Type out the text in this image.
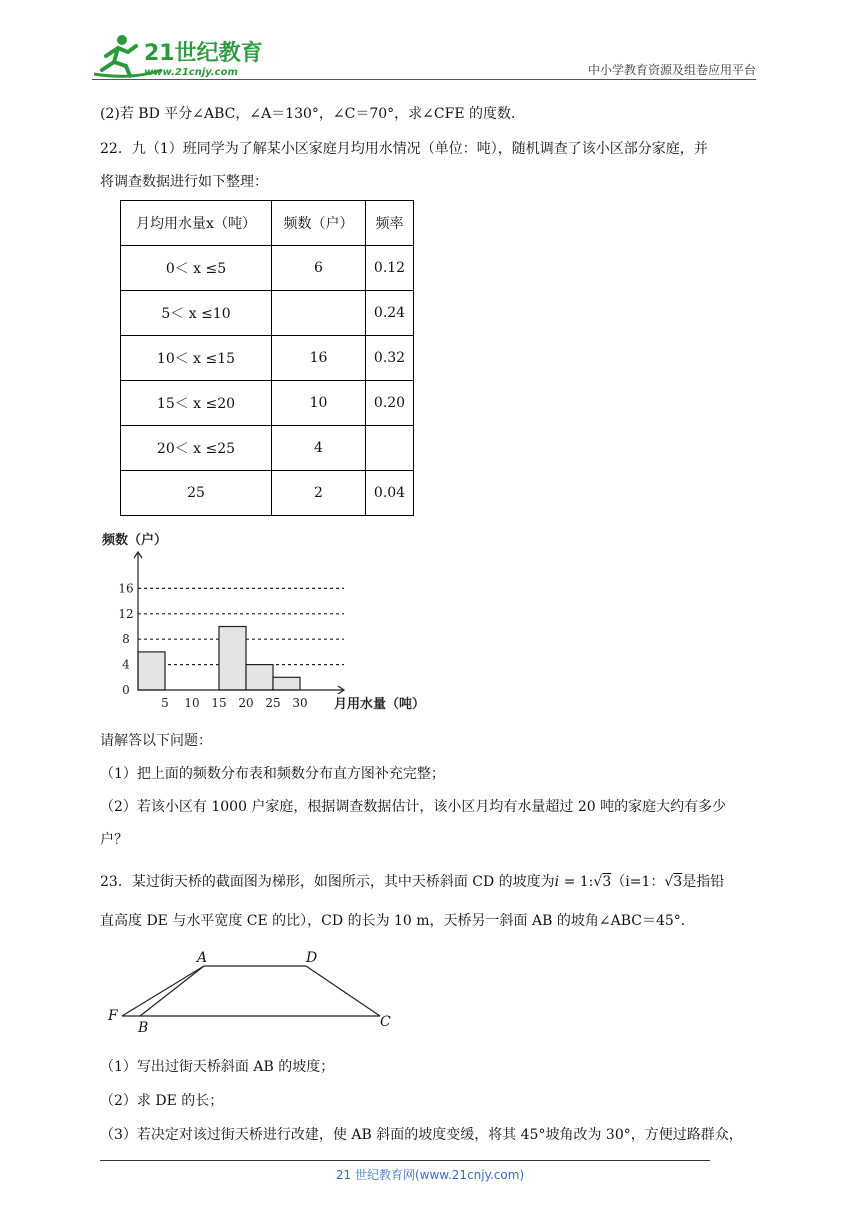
21世纪教育
www.21cnjy.com	中小学教育资源及组卷应用平台
(2)若 BD 平分∠ABC，∠A＝130°，∠C＝70°，求∠CFE 的度数．
22．九（1）班同学为了解某小区家庭月均用水情况（单位：吨），随机调查了该小区部分家庭，并
将调查数据进行如下整理：
月均用水量x（吨）	频数（户）	频率
0＜ x ≤5	6	0.12
5＜ x ≤10		0.24
10＜ x ≤15	16	0.32
15＜ x ≤20	10	0.20
20＜ x ≤25	4	
25	2	0.04
频数（户）
月用水量（吨）
5 10 15 20 25 30
0
4
8
12
16
请解答以下问题：
（1）把上面的频数分布表和频数分布直方图补充完整；
（2）若该小区有 1000 户家庭，根据调查数据估计，该小区月均有水量超过 20 吨的家庭大约有多少
户？
23．某过街天桥的截面图为梯形，如图所示，其中天桥斜面 CD 的坡度为i = 1:√3（i=1：√3是指铅
直高度 DE 与水平宽度 CE 的比），CD 的长为 10 m，天桥另一斜面 AB 的坡角∠ABC＝45°．
A	D
F
B	C
（1）写出过街天桥斜面 AB 的坡度；
（2）求 DE 的长；
（3）若决定对该过街天桥进行改建，使 AB 斜面的坡度变缓，将其 45°坡角改为 30°，方便过路群众，
21 世纪教育网(www.21cnjy.com)
